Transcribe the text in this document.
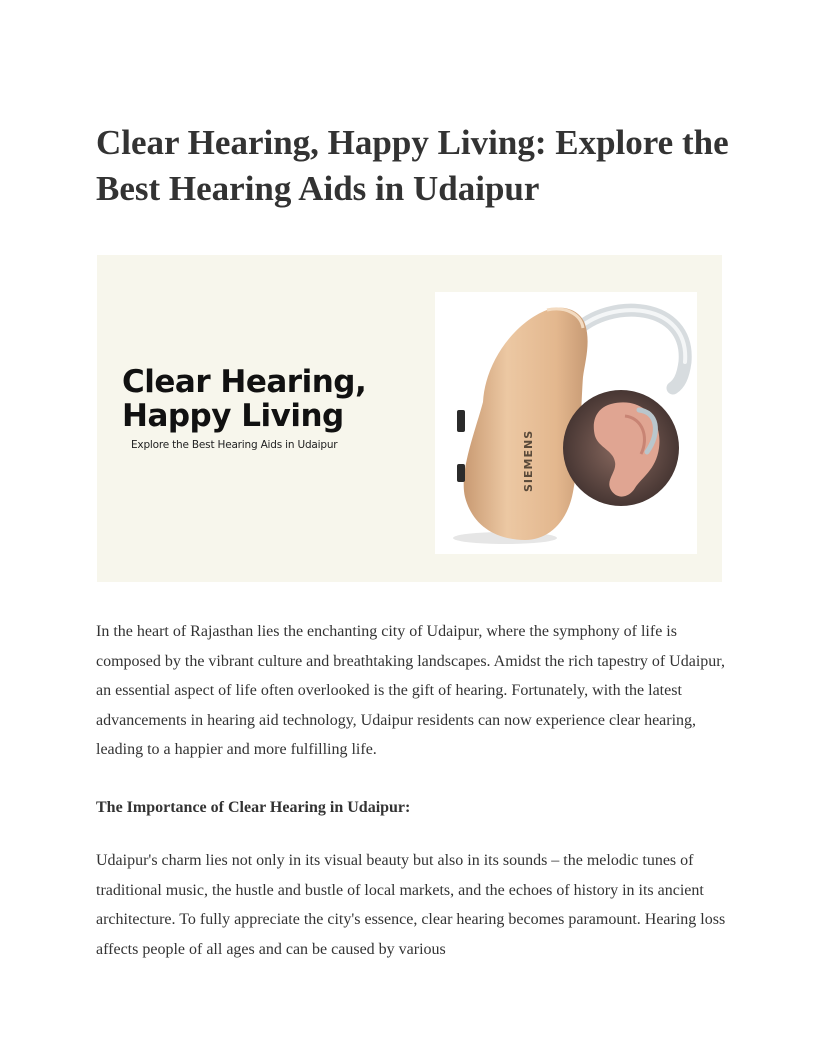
Clear Hearing, Happy Living: Explore the Best Hearing Aids in Udaipur
Clear Hearing,
Happy Living
Explore the Best Hearing Aids in Udaipur	SIEMENS

In the heart of Rajasthan lies the enchanting city of Udaipur, where the symphony of life is composed by the vibrant culture and breathtaking landscapes. Amidst the rich tapestry of Udaipur, an essential aspect of life often overlooked is the gift of hearing. Fortunately, with the latest advancements in hearing aid technology, Udaipur residents can now experience clear hearing, leading to a happier and more fulfilling life.

The Importance of Clear Hearing in Udaipur:

Udaipur's charm lies not only in its visual beauty but also in its sounds – the melodic tunes of traditional music, the hustle and bustle of local markets, and the echoes of history in its ancient architecture. To fully appreciate the city's essence, clear hearing becomes paramount. Hearing loss affects people of all ages and can be caused by various
